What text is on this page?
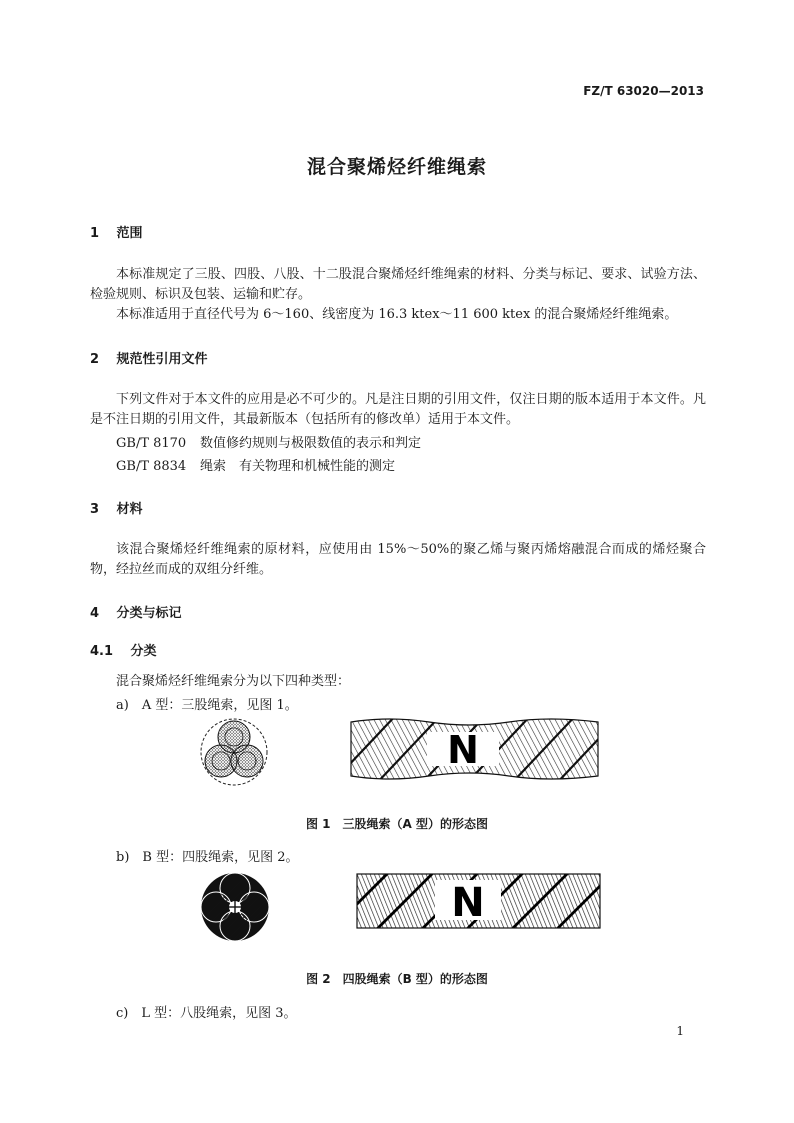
FZ/T 63020—2013
混合聚烯烃纤维绳索
1 范围
本标准规定了三股、四股、八股、十二股混合聚烯烃纤维绳索的材料、分类与标记、要求、试验方法、检验规则、标识及包装、运输和贮存。
本标准适用于直径代号为 6～160、线密度为 16.3 ktex～11 600 ktex 的混合聚烯烃纤维绳索。
2 规范性引用文件
下列文件对于本文件的应用是必不可少的。凡是注日期的引用文件，仅注日期的版本适用于本文件。凡是不注日期的引用文件，其最新版本（包括所有的修改单）适用于本文件。
GB/T 8170 数值修约规则与极限数值的表示和判定
GB/T 8834 绳索　有关物理和机械性能的测定
3 材料
该混合聚烯烃纤维绳索的原材料，应使用由 15%～50%的聚乙烯与聚丙烯熔融混合而成的烯烃聚合物，经拉丝而成的双组分纤维。
4 分类与标记
4.1 分类
混合聚烯烃纤维绳索分为以下四种类型：
a)　A 型：三股绳索，见图 1。
N
图 1　三股绳索（A 型）的形态图
b)　B 型：四股绳索，见图 2。
N
图 2　四股绳索（B 型）的形态图
c)　L 型：八股绳索，见图 3。
1
